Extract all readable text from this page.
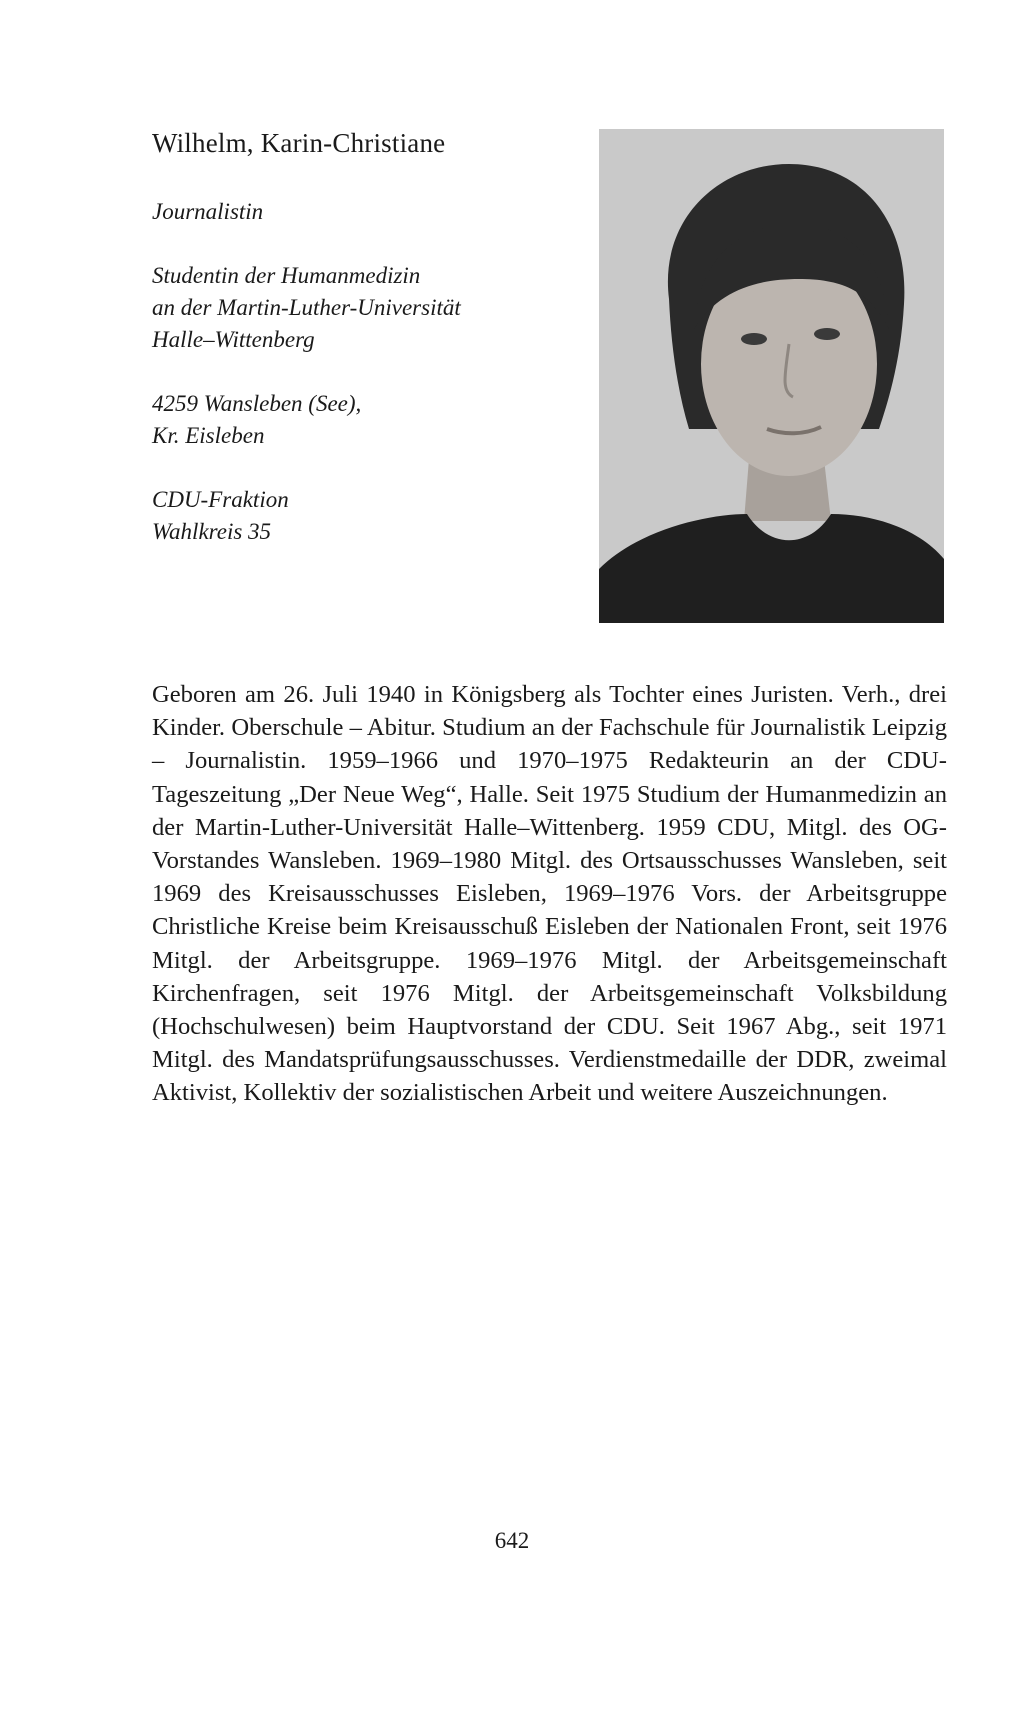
Wilhelm, Karin-Christiane

Journalistin

Studentin der Humanmedizin

an der Martin-Luther-Universität

Halle–Wittenberg

4259 Wansleben (See),

Kr. Eisleben

CDU-Fraktion

Wahlkreis 35

Geboren am 26. Juli 1940 in Königsberg als Tochter eines Juristen. Verh., drei Kinder. Oberschule – Abitur. Studium an der Fachschule für Journalistik Leipzig – Journalistin. 1959–1966 und 1970–1975 Redakteurin an der CDU-Tageszeitung „Der Neue Weg“, Halle. Seit 1975 Studium der Humanmedizin an der Martin-Luther-Universität Halle–Wittenberg. 1959 CDU, Mitgl. des OG-Vorstandes Wansleben. 1969–1980 Mitgl. des Ortsausschusses Wansleben, seit 1969 des Kreisausschusses Eisleben, 1969–1976 Vors. der Arbeitsgruppe Christliche Kreise beim Kreisausschuß Eisleben der Nationalen Front, seit 1976 Mitgl. der Arbeitsgruppe. 1969–1976 Mitgl. der Arbeitsgemeinschaft Kirchenfragen, seit 1976 Mitgl. der Arbeitsgemeinschaft Volksbildung (Hochschulwesen) beim Hauptvorstand der CDU. Seit 1967 Abg., seit 1971 Mitgl. des Mandatsprüfungsausschusses. Verdienstmedaille der DDR, zweimal Aktivist, Kollektiv der sozialistischen Arbeit und weitere Auszeichnungen.

642
